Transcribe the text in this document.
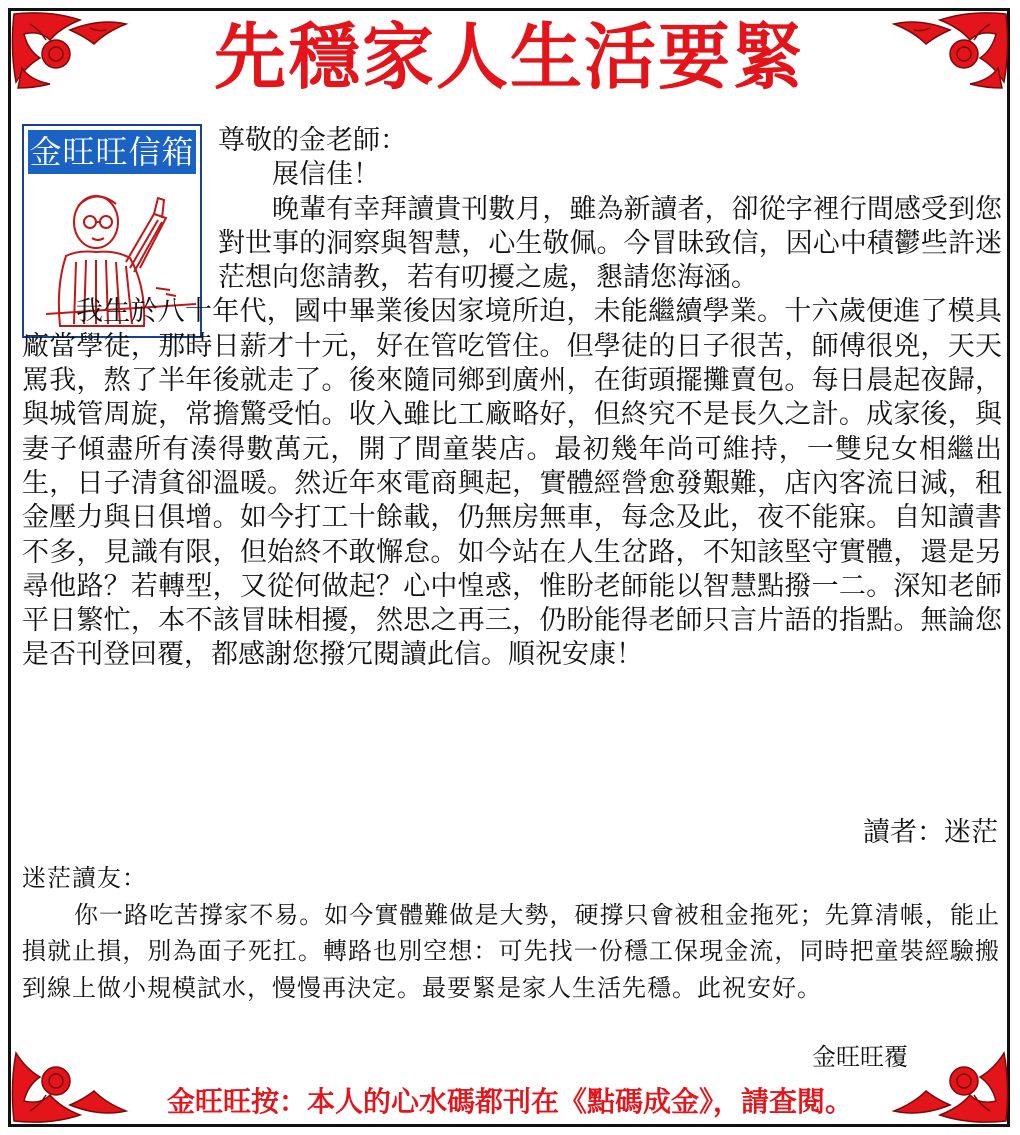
先穩家人生活要緊
金旺旺信箱 尊敬的金老師：

展信佳！

晚輩有幸拜讀貴刊數月，雖為新讀者，卻從字裡行間感受到您對世事的洞察與智慧，心生敬佩。今冒昧致信，因心中積鬱些許迷茫想向您請教，若有叨擾之處，懇請您海涵。

我生於八十年代，國中畢業後因家境所迫，未能繼續學業。十六歲便進了模具廠當學徒，那時日薪才十元，好在管吃管住。但學徒的日子很苦，師傅很兇，天天罵我，熬了半年後就走了。後來隨同鄉到廣州，在街頭擺攤賣包。每日晨起夜歸，與城管周旋，常擔驚受怕。收入雖比工廠略好，但終究不是長久之計。成家後，與妻子傾盡所有湊得數萬元，開了間童裝店。最初幾年尚可維持，一雙兒女相繼出生，日子清貧卻溫暖。然近年來電商興起，實體經營愈發艱難，店內客流日減，租金壓力與日俱增。如今打工十餘載，仍無房無車，每念及此，夜不能寐。自知讀書不多，見識有限，但始終不敢懈怠。如今站在人生岔路，不知該堅守實體，還是另尋他路？若轉型，又從何做起？心中惶惑，惟盼老師能以智慧點撥一二。深知老師平日繁忙，本不該冒昧相擾，然思之再三，仍盼能得老師只言片語的指點。無論您是否刊登回覆，都感謝您撥冗閱讀此信。順祝安康！

讀者：迷茫

迷茫讀友：

你一路吃苦撐家不易。如今實體難做是大勢，硬撐只會被租金拖死；先算清帳，能止損就止損，別為面子死扛。轉路也別空想：可先找一份穩工保現金流，同時把童裝經驗搬到線上做小規模試水，慢慢再決定。最要緊是家人生活先穩。此祝安好。

金旺旺覆
金旺旺按：本人的心水碼都刊在《點碼成金》，請查閱。
